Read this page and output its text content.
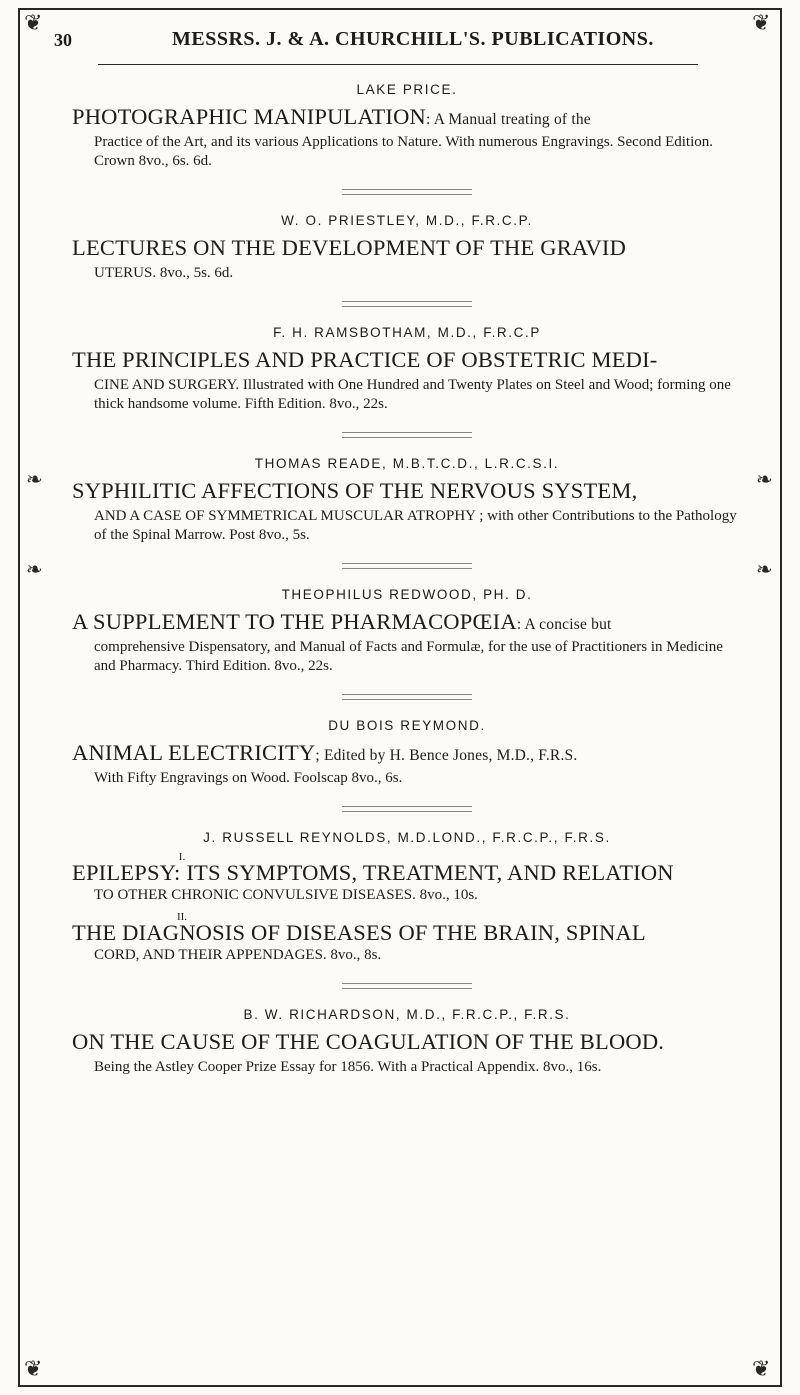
❦	❦
❦	❦
❧
❧
❧
❧
30	MESSRS. J. & A. CHURCHILL'S. PUBLICATIONS.
LAKE PRICE.
PHOTOGRAPHIC MANIPULATION: A Manual treating of the

Practice of the Art, and its various Applications to Nature. With numerous Engravings. Second Edition. Crown 8vo., 6s. 6d.

W. O. PRIESTLEY, M.D., F.R.C.P.
LECTURES ON THE DEVELOPMENT OF THE GRAVID

UTERUS. 8vo., 5s. 6d.

F. H. RAMSBOTHAM, M.D., F.R.C.P
THE PRINCIPLES AND PRACTICE OF OBSTETRIC MEDI-

CINE AND SURGERY. Illustrated with One Hundred and Twenty Plates on Steel and Wood; forming one thick handsome volume. Fifth Edition. 8vo., 22s.

THOMAS READE, M.B.T.C.D., L.R.C.S.I.
SYPHILITIC AFFECTIONS OF THE NERVOUS SYSTEM,

AND A CASE OF SYMMETRICAL MUSCULAR ATROPHY ; with other Contributions to the Pathology of the Spinal Marrow. Post 8vo., 5s.

THEOPHILUS REDWOOD, PH. D.
A SUPPLEMENT TO THE PHARMACOPŒIA: A concise but

comprehensive Dispensatory, and Manual of Facts and Formulæ, for the use of Practitioners in Medicine and Pharmacy. Third Edition. 8vo., 22s.

DU BOIS REYMOND.
ANIMAL ELECTRICITY; Edited by H. Bence Jones, M.D., F.R.S.

With Fifty Engravings on Wood. Foolscap 8vo., 6s.

J. RUSSELL REYNOLDS, M.D.LOND., F.R.C.P., F.R.S.
I.
EPILEPSY: ITS SYMPTOMS, TREATMENT, AND RELATION

TO OTHER CHRONIC CONVULSIVE DISEASES. 8vo., 10s.

II.
THE DIAGNOSIS OF DISEASES OF THE BRAIN, SPINAL

CORD, AND THEIR APPENDAGES. 8vo., 8s.

B. W. RICHARDSON, M.D., F.R.C.P., F.R.S.
ON THE CAUSE OF THE COAGULATION OF THE BLOOD.

Being the Astley Cooper Prize Essay for 1856. With a Practical Appendix. 8vo., 16s.
